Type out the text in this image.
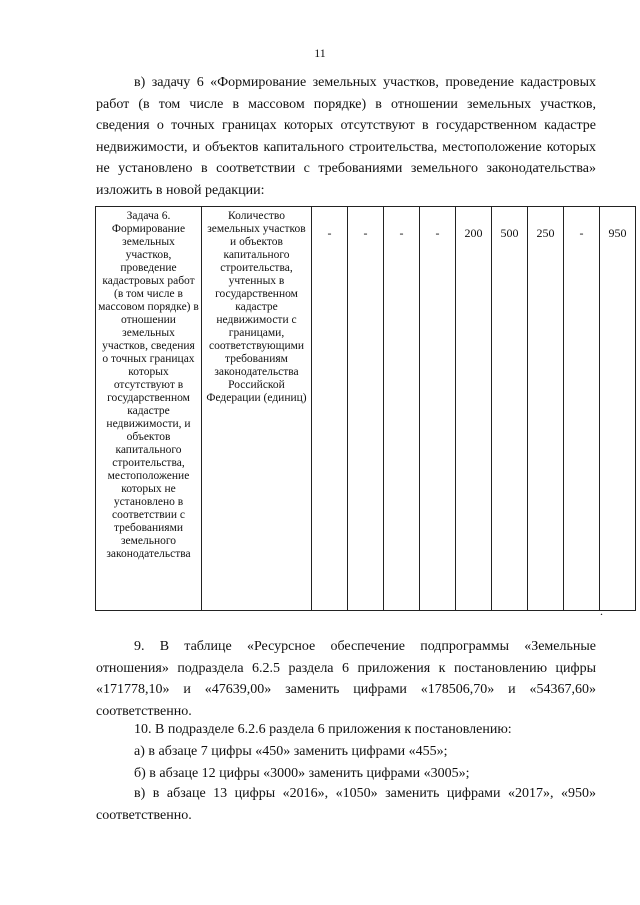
11

в) задачу 6 «Формирование земельных участков, проведение кадастровых работ (в том числе в массовом порядке) в отношении земельных участков, сведения о точных границах которых отсутствуют в государственном кадастре недвижимости, и объектов капитального строительства, местоположение которых не установлено в соответствии с требованиями земельного законодательства» изложить в новой редакции:

Задача 6. Формирование земельных участков, проведение кадастровых работ (в том числе в массовом порядке) в отношении земельных участков, сведения о точных границах которых отсутствуют в государственном кадастре недвижимости, и объектов капитального строительства, местоположение которых не установлено в соответствии с требованиями земельного законодательства	Количество земельных участков и объектов капитального строительства, учтенных в государственном кадастре недвижимости с границами, соответствующими требованиям законодательства Российской Федерации (единиц)	-	-	-	-	200	500	250	-	950
.

9. В таблице «Ресурсное обеспечение подпрограммы «Земельные отношения» подраздела 6.2.5 раздела 6 приложения к постановлению цифры «171778,10» и «47639,00» заменить цифрами «178506,70» и «54367,60» соответственно.

10. В подразделе 6.2.6 раздела 6 приложения к постановлению:

а) в абзаце 7 цифры «450» заменить цифрами «455»;

б) в абзаце 12 цифры «3000» заменить цифрами «3005»;

в) в абзаце 13 цифры «2016», «1050» заменить цифрами «2017», «950» соответственно.
